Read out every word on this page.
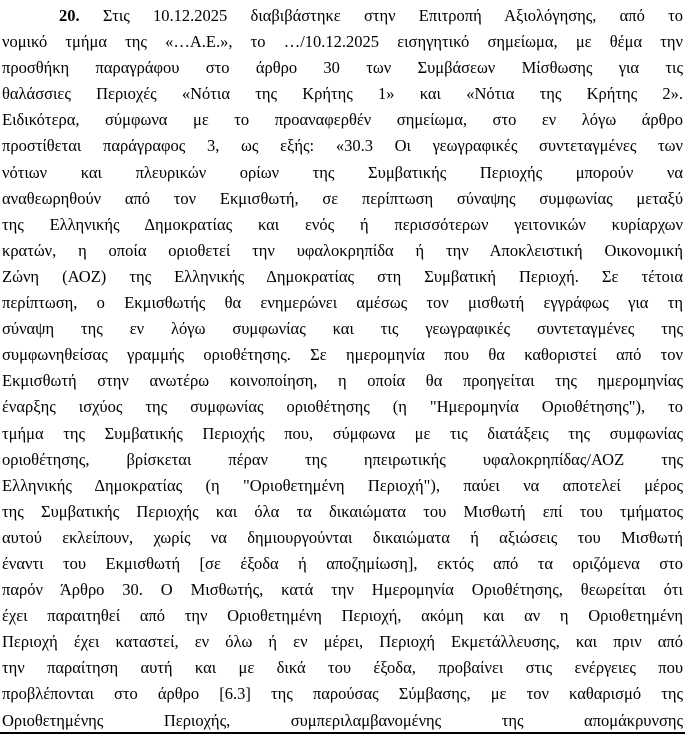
20. Στις 10.12.2025 διαβιβάστηκε στην Επιτροπή Αξιολόγησης, από το
νομικό τμήμα της «…Α.Ε.», το …/10.12.2025 εισηγητικό σημείωμα, με θέμα την
προσθήκη παραγράφου στο άρθρο 30 των Συμβάσεων Μίσθωσης για τις
θαλάσσιες Περιοχές «Νότια της Κρήτης 1» και «Νότια της Κρήτης 2».
Ειδικότερα, σύμφωνα με το προαναφερθέν σημείωμα, στο εν λόγω άρθρο
προστίθεται παράγραφος 3, ως εξής: «30.3 Οι γεωγραφικές συντεταγμένες των
νότιων και πλευρικών ορίων της Συμβατικής Περιοχής μπορούν να
αναθεωρηθούν από τον Εκμισθωτή, σε περίπτωση σύναψης συμφωνίας μεταξύ
της Ελληνικής Δημοκρατίας και ενός ή περισσότερων γειτονικών κυρίαρχων
κρατών, η οποία οριοθετεί την υφαλοκρηπίδα ή την Αποκλειστική Οικονομική
Ζώνη (ΑΟΖ) της Ελληνικής Δημοκρατίας στη Συμβατική Περιοχή. Σε τέτοια
περίπτωση, ο Εκμισθωτής θα ενημερώνει αμέσως τον μισθωτή εγγράφως για τη
σύναψη της εν λόγω συμφωνίας και τις γεωγραφικές συντεταγμένες της
συμφωνηθείσας γραμμής οριοθέτησης. Σε ημερομηνία που θα καθοριστεί από τον
Εκμισθωτή στην ανωτέρω κοινοποίηση, η οποία θα προηγείται της ημερομηνίας
έναρξης ισχύος της συμφωνίας οριοθέτησης (η "Ημερομηνία Οριοθέτησης"), το
τμήμα της Συμβατικής Περιοχής που, σύμφωνα με τις διατάξεις της συμφωνίας
οριοθέτησης, βρίσκεται πέραν της ηπειρωτικής υφαλοκρηπίδας/ΑΟΖ της
Ελληνικής Δημοκρατίας (η "Οριοθετημένη Περιοχή"), παύει να αποτελεί μέρος
της Συμβατικής Περιοχής και όλα τα δικαιώματα του Μισθωτή επί του τμήματος
αυτού εκλείπουν, χωρίς να δημιουργούνται δικαιώματα ή αξιώσεις του Μισθωτή
έναντι του Εκμισθωτή [σε έξοδα ή αποζημίωση], εκτός από τα οριζόμενα στο
παρόν Άρθρο 30. Ο Μισθωτής, κατά την Ημερομηνία Οριοθέτησης, θεωρείται ότι
έχει παραιτηθεί από την Οριοθετημένη Περιοχή, ακόμη και αν η Οριοθετημένη
Περιοχή έχει καταστεί, εν όλω ή εν μέρει, Περιοχή Εκμετάλλευσης, και πριν από
την παραίτηση αυτή και με δικά του έξοδα, προβαίνει στις ενέργειες που
προβλέπονται στο άρθρο [6.3] της παρούσας Σύμβασης, με τον καθαρισμό της
Οριοθετημένης Περιοχής, συμπεριλαμβανομένης της απομάκρυνσης
